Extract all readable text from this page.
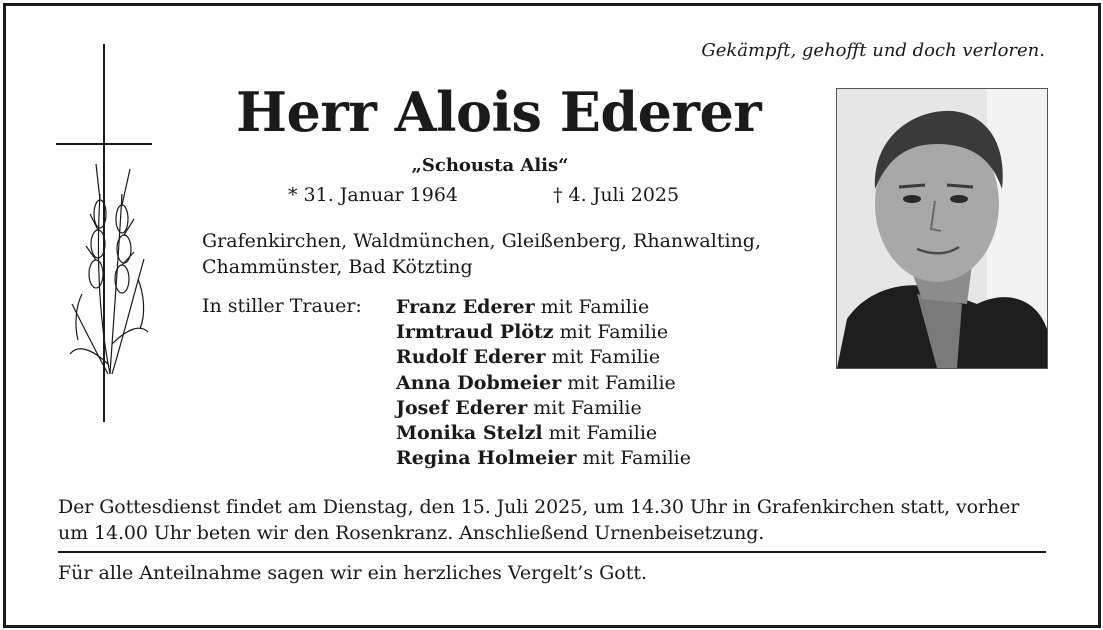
Gekämpft, gehofft und doch verloren.
Herr Alois Ederer
„Schousta Alis“
* 31. Januar 1964	† 4. Juli 2025
Grafenkirchen, Waldmünchen, Gleißenberg, Rhanwalting, Chammünster, Bad Kötzting
In stiller Trauer: Franz Ederer mit Familie
Irmtraud Plötz mit Familie
Rudolf Ederer mit Familie
Anna Dobmeier mit Familie
Josef Ederer mit Familie
Monika Stelzl mit Familie
Regina Holmeier mit Familie
Der Gottesdienst findet am Dienstag, den 15. Juli 2025, um 14.30 Uhr in Grafenkirchen statt, vorher um 14.00 Uhr beten wir den Rosenkranz. Anschließend Urnenbeisetzung.
Für alle Anteilnahme sagen wir ein herzliches Vergelt’s Gott.
